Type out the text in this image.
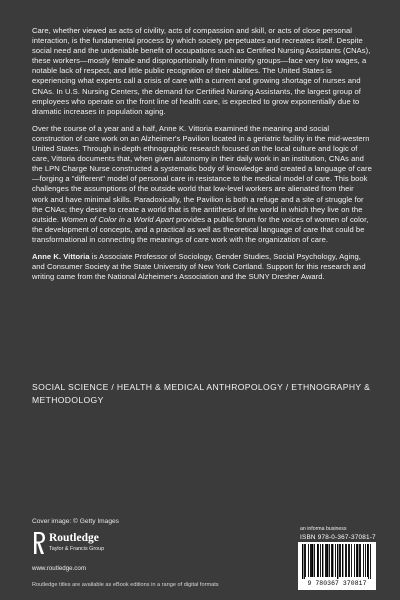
Care, whether viewed as acts of civility, acts of compassion and skill, or acts of close personal interaction, is the fundamental process by which society perpetuates and recreates itself. Despite social need and the undeniable benefit of occupations such as Certified Nursing Assistants (CNAs), these workers—mostly female and disproportionally from minority groups—face very low wages, a notable lack of respect, and little public recognition of their abilities. The United States is experiencing what experts call a crisis of care with a current and growing shortage of nurses and CNAs. In U.S. Nursing Centers, the demand for Certified Nursing Assistants, the largest group of employees who operate on the front line of health care, is expected to grow exponentially due to dramatic increases in population aging.

Over the course of a year and a half, Anne K. Vittoria examined the meaning and social construction of care work on an Alzheimer's Pavilion located in a geriatric facility in the mid-western United States. Through in-depth ethnographic research focused on the local culture and logic of care, Vittoria documents that, when given autonomy in their daily work in an institution, CNAs and the LPN Charge Nurse constructed a systematic body of knowledge and created a language of care—forging a "different" model of personal care in resistance to the medical model of care. This book challenges the assumptions of the outside world that low-level workers are alienated from their work and have minimal skills. Paradoxically, the Pavilion is both a refuge and a site of struggle for the CNAs; they desire to create a world that is the antithesis of the world in which they live on the outside. Women of Color in a World Apart provides a public forum for the voices of women of color, the development of concepts, and a practical as well as theoretical language of care that could be transformational in connecting the meanings of care work with the organization of care.

Anne K. Vittoria is Associate Professor of Sociology, Gender Studies, Social Psychology, Aging, and Consumer Society at the State University of New York Cortland. Support for this research and writing came from the National Alzheimer's Association and the SUNY Dresher Award.

SOCIAL SCIENCE / HEALTH & MEDICAL ANTHROPOLOGY / ETHNOGRAPHY & METHODOLOGY
Cover image: © Getty Images
Routledge
Taylor & Francis Group
www.routledge.com
Routledge titles are available as eBook editions in a range of digital formats
an informa business
ISBN 978-0-367-37081-7
9 780367 370817
